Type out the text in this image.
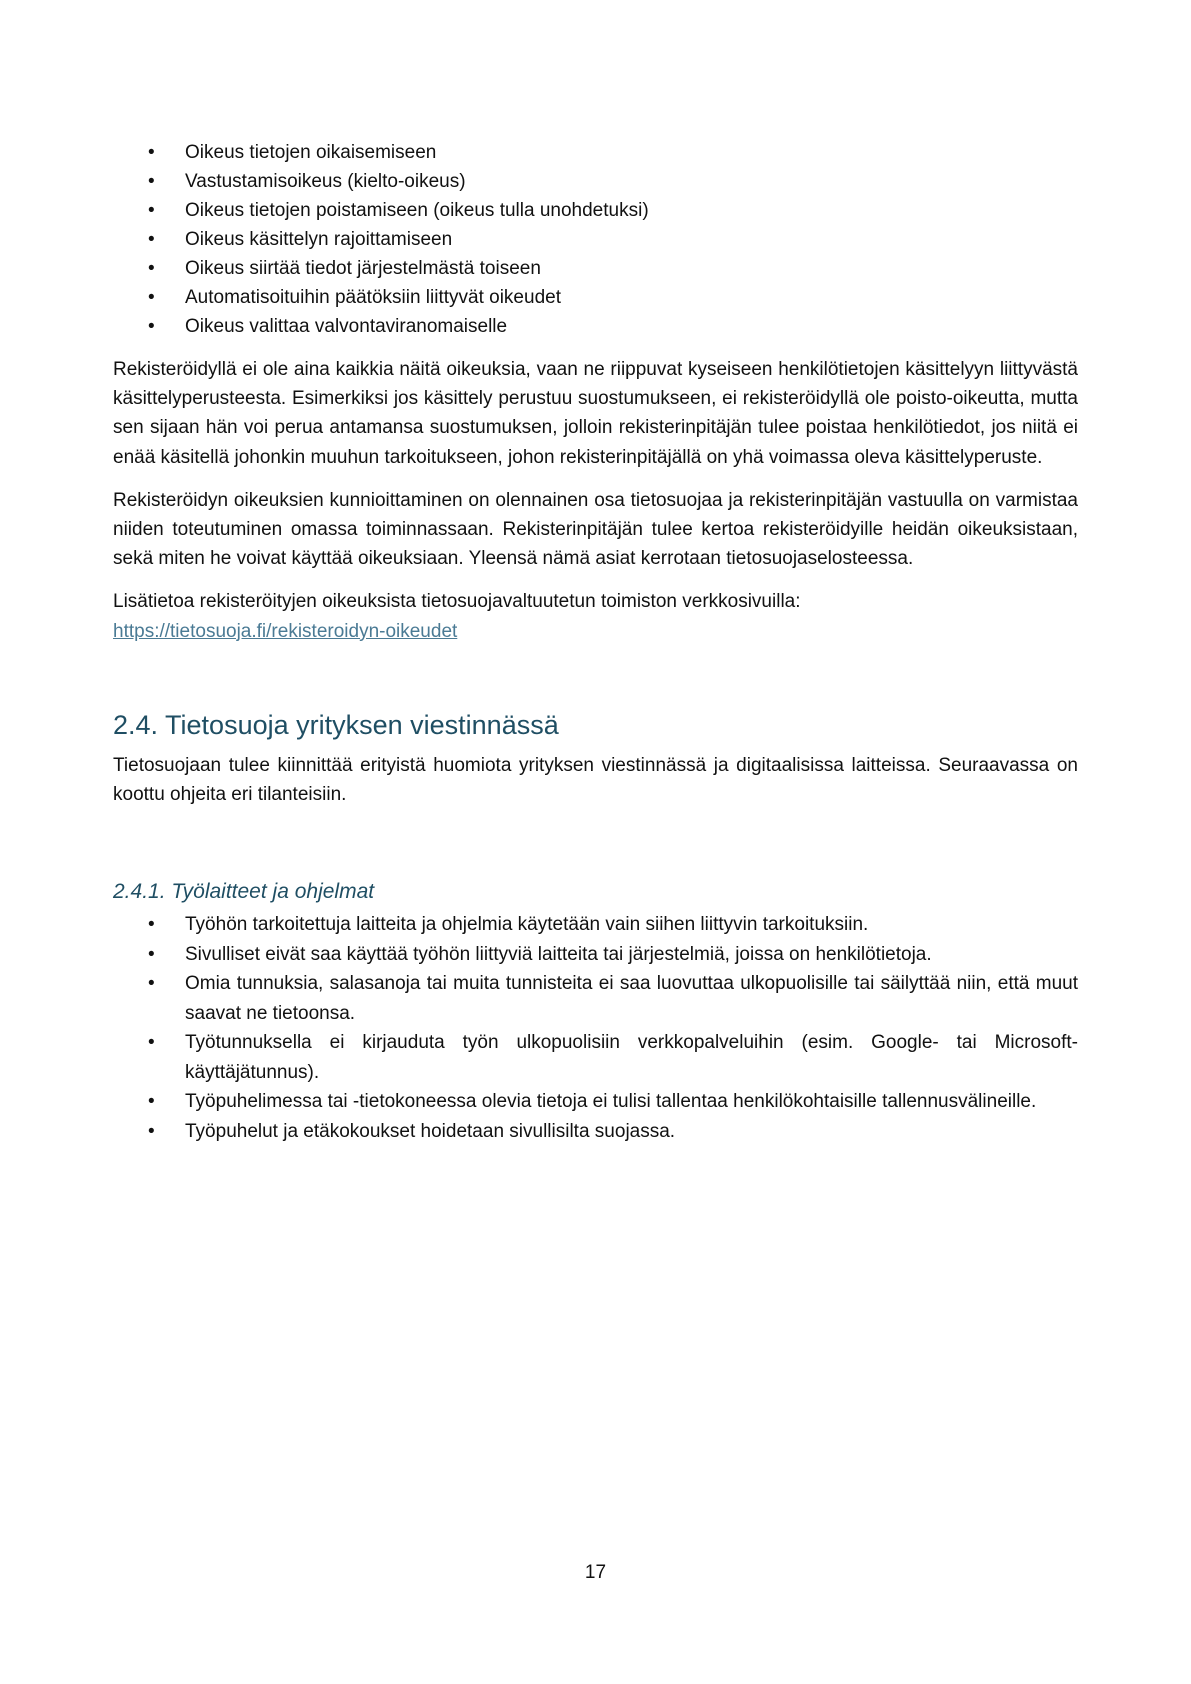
• Oikeus tietojen oikaisemiseen
• Vastustamisoikeus (kielto-oikeus)
• Oikeus tietojen poistamiseen (oikeus tulla unohdetuksi)
• Oikeus käsittelyn rajoittamiseen
• Oikeus siirtää tiedot järjestelmästä toiseen
• Automatisoituihin päätöksiin liittyvät oikeudet
• Oikeus valittaa valvontaviranomaiselle

Rekisteröidyllä ei ole aina kaikkia näitä oikeuksia, vaan ne riippuvat kyseiseen henkilötietojen käsittelyyn liittyvästä käsittelyperusteesta. Esimerkiksi jos käsittely perustuu suostumukseen, ei rekisteröidyllä ole poisto-oikeutta, mutta sen sijaan hän voi perua antamansa suostumuksen, jolloin rekisterinpitäjän tulee poistaa henkilötiedot, jos niitä ei enää käsitellä johonkin muuhun tarkoitukseen, johon rekisterinpitäjällä on yhä voimassa oleva käsittelyperuste.

Rekisteröidyn oikeuksien kunnioittaminen on olennainen osa tietosuojaa ja rekisterinpitäjän vastuulla on varmistaa niiden toteutuminen omassa toiminnassaan. Rekisterinpitäjän tulee kertoa rekisteröidyille heidän oikeuksistaan, sekä miten he voivat käyttää oikeuksiaan. Yleensä nämä asiat kerrotaan tietosuojaselosteessa.

Lisätietoa rekisteröityjen oikeuksista tietosuojavaltuutetun toimiston verkkosivuilla:
https://tietosuoja.fi/rekisteroidyn-oikeudet

2.4. Tietosuoja yrityksen viestinnässä

Tietosuojaan tulee kiinnittää erityistä huomiota yrityksen viestinnässä ja digitaalisissa laitteissa. Seuraavassa on koottu ohjeita eri tilanteisiin.

2.4.1. Työlaitteet ja ohjelmat
• Työhön tarkoitettuja laitteita ja ohjelmia käytetään vain siihen liittyvin tarkoituksiin.
• Sivulliset eivät saa käyttää työhön liittyviä laitteita tai järjestelmiä, joissa on henkilötietoja.
• Omia tunnuksia, salasanoja tai muita tunnisteita ei saa luovuttaa ulkopuolisille tai säilyttää niin, että muut saavat ne tietoonsa.
• Työtunnuksella ei kirjauduta työn ulkopuolisiin verkkopalveluihin (esim. Google- tai Microsoft-käyttäjätunnus).
• Työpuhelimessa tai -tietokoneessa olevia tietoja ei tulisi tallentaa henkilökohtaisille tallennusvälineille.
• Työpuhelut ja etäkokoukset hoidetaan sivullisilta suojassa.
17
